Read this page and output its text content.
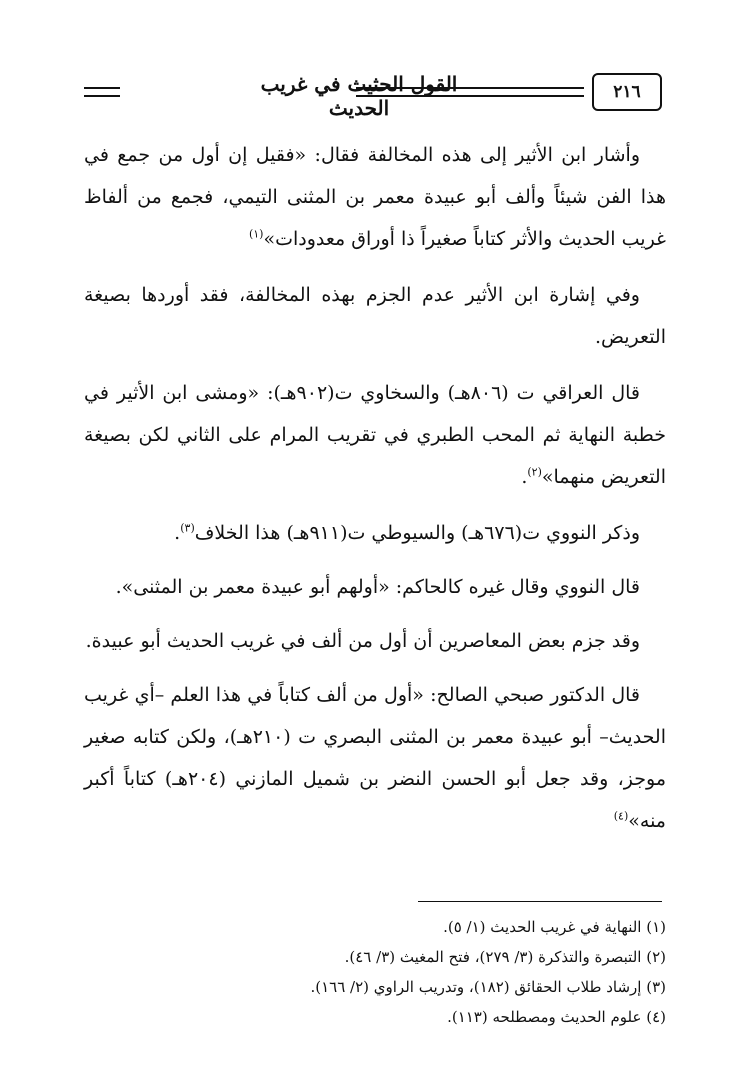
القول الحثيث في غريب الحديث
٢١٦

وأشار ابن الأثير إلى هذه المخالفة فقال: «فقيل إن أول من جمع في هذا الفن شيئاً وألف أبو عبيدة معمر بن المثنى التيمي، فجمع من ألفاظ غريب الحديث والأثر كتاباً صغيراً ذا أوراق معدودات»$^{(١)}$

وفي إشارة ابن الأثير عدم الجزم بهذه المخالفة، فقد أوردها بصيغة التعريض.

قال العراقي ت (٨٠٦هـ) والسخاوي ت(٩٠٢هـ): «ومشى ابن الأثير في خطبة النهاية ثم المحب الطبري في تقريب المرام على الثاني لكن بصيغة التعريض منهما»$^{(٢)}$.

وذكر النووي ت(٦٧٦هـ) والسيوطي ت(٩١١هـ) هذا الخلاف$^{(٣)}$.

قال النووي وقال غيره كالحاكم: «أولهم أبو عبيدة معمر بن المثنى».

وقد جزم بعض المعاصرين أن أول من ألف في غريب الحديث أبو عبيدة.

قال الدكتور صبحي الصالح: «أول من ألف كتاباً في هذا العلم –أي غريب الحديث– أبو عبيدة معمر بن المثنى البصري ت (٢١٠هـ)، ولكن كتابه صغير موجز، وقد جعل أبو الحسن النضر بن شميل المازني (٢٠٤هـ) كتاباً أكبر منه»$^{(٤)}$

(١) النهاية في غريب الحديث (١/ ٥).
(٢) التبصرة والتذكرة (٣/ ٢٧٩)، فتح المغيث (٣/ ٤٦).
(٣) إرشاد طلاب الحقائق (١٨٢)، وتدريب الراوي (٢/ ١٦٦).
(٤) علوم الحديث ومصطلحه (١١٣).
